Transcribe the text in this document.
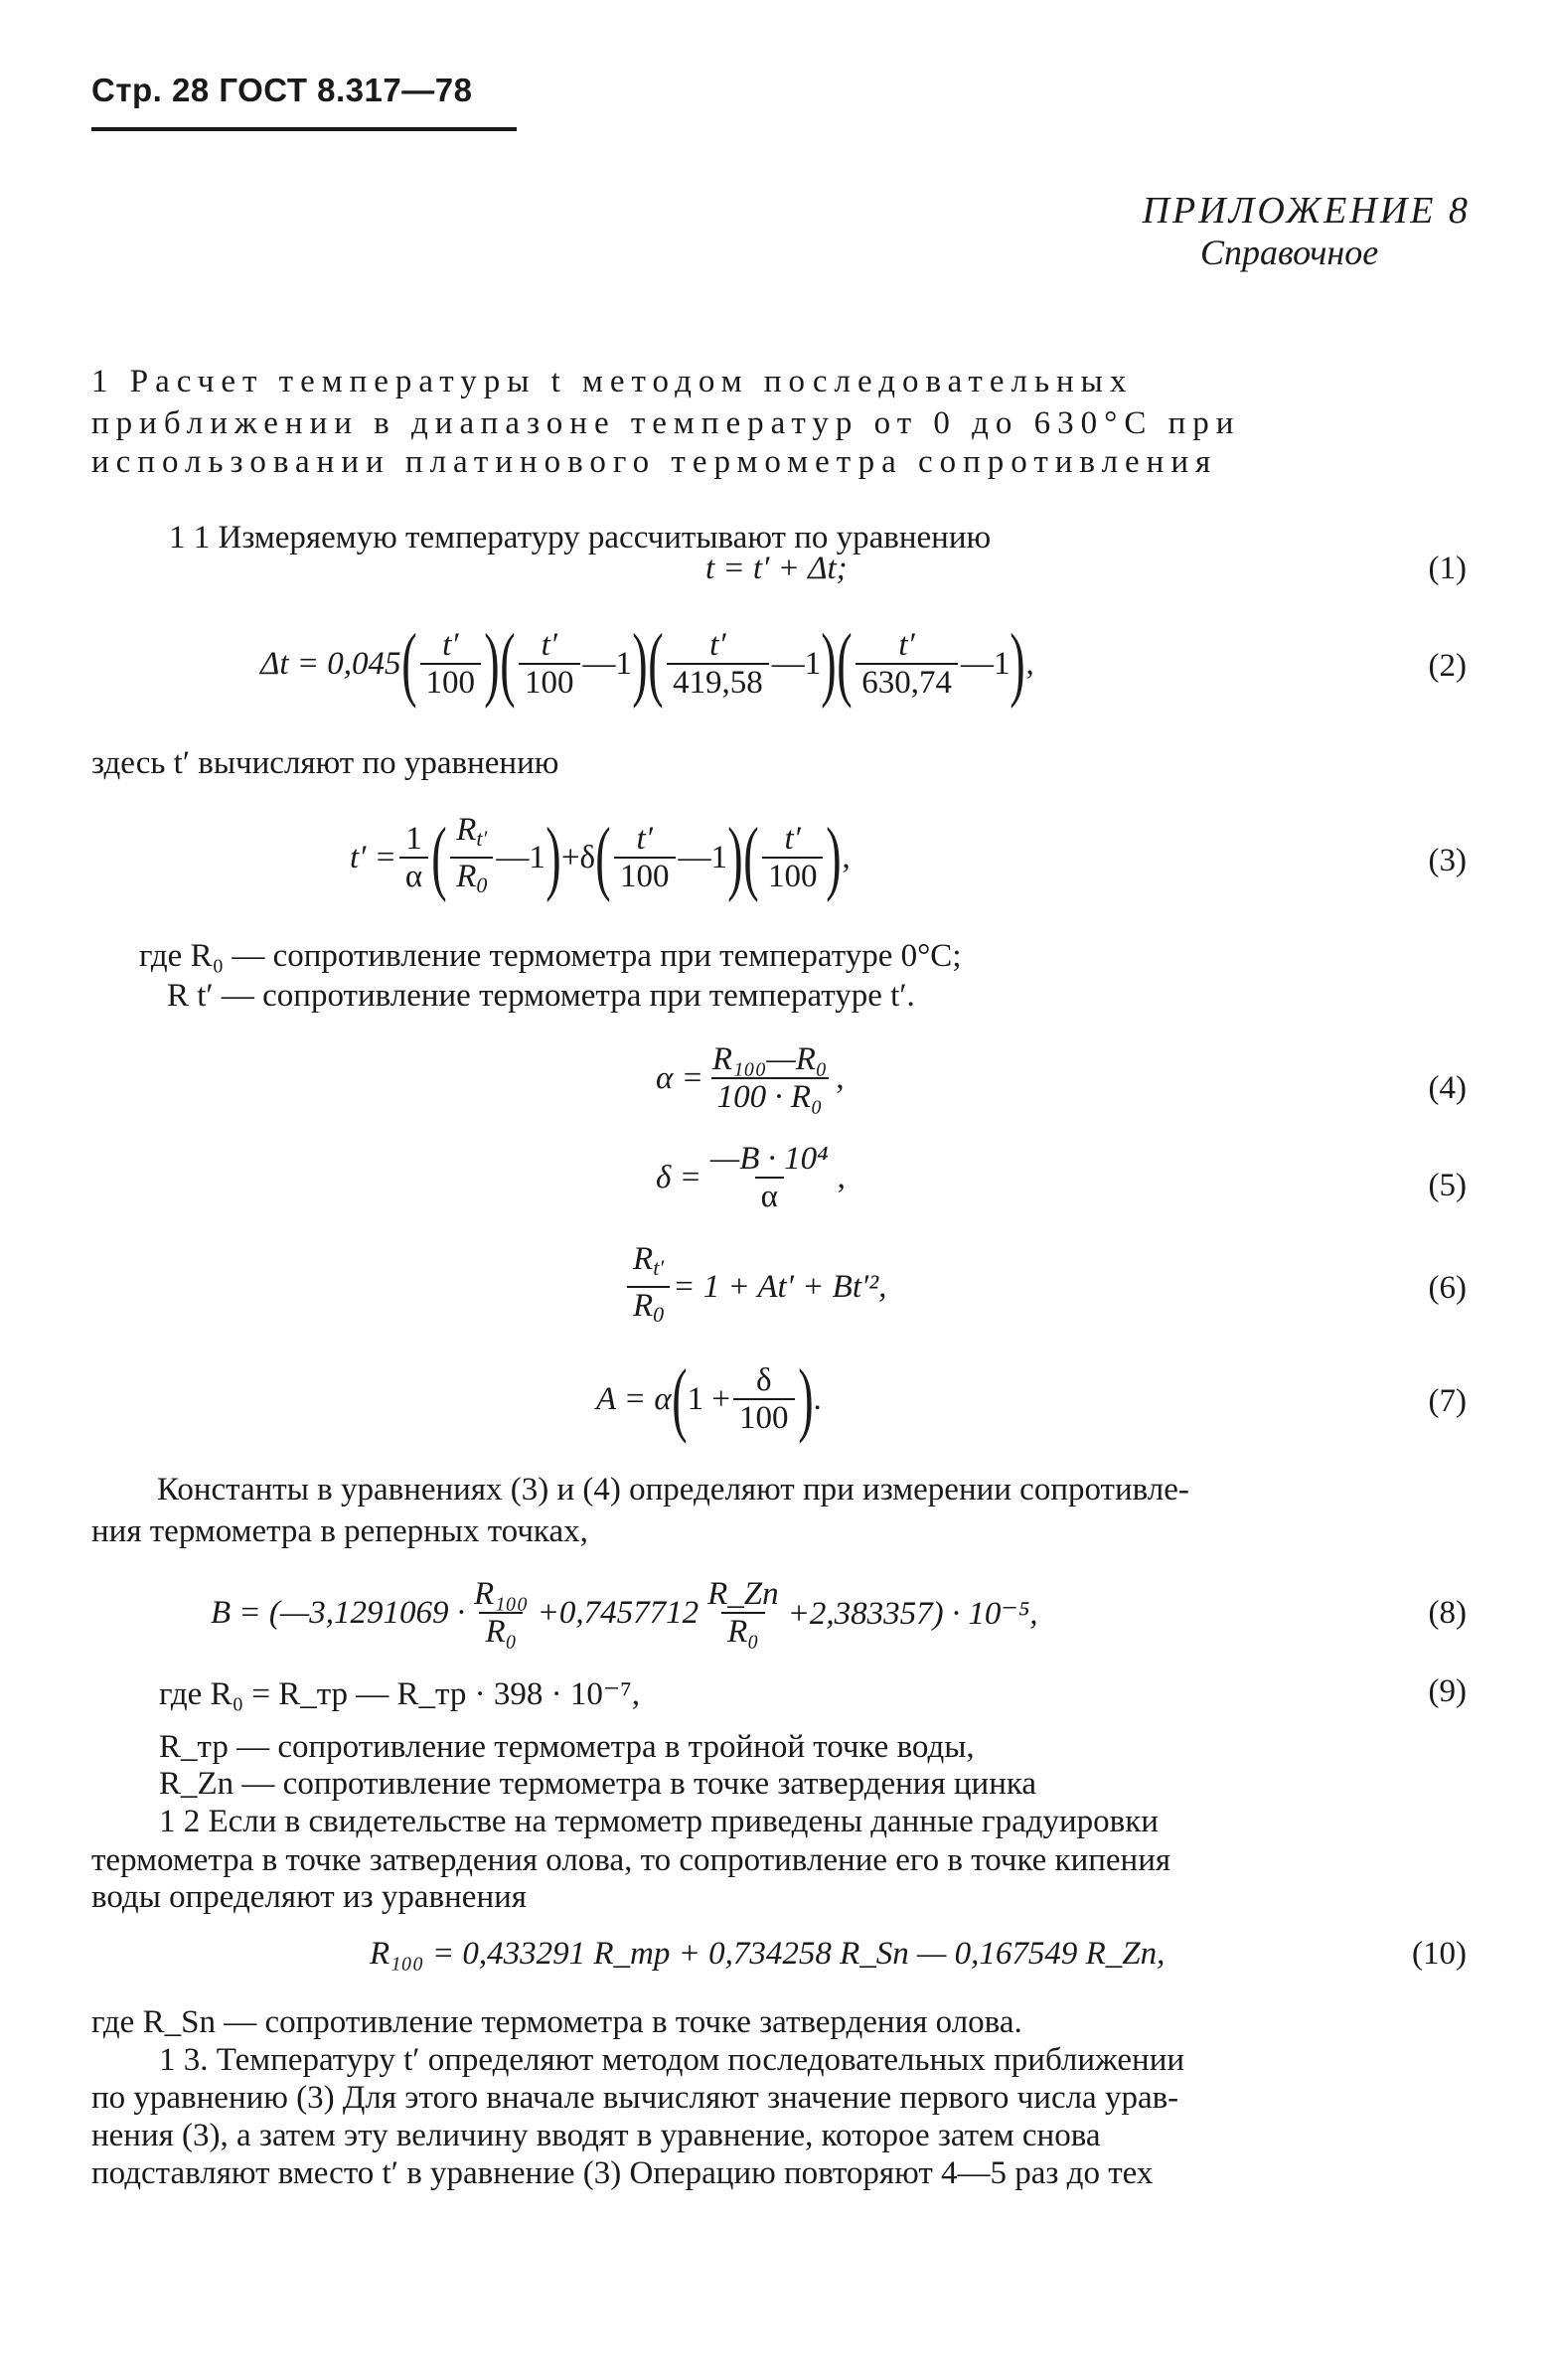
Стр. 28 ГОСТ 8.317—78
ПРИЛОЖЕНИЕ 8
Справочное
1 Расчет температуры t методом последовательных
приближении в диапазоне температур от 0 до 630°С при
использовании платинового термометра сопротивления
1 1 Измеряемую температуру рассчитывают по уравнению
t = t′ + Δt;	(1)
Δt = 0,045 ( $\frac{t'}{100}$ ) ( $\frac{t'}{100}$ —1 ) ( $\frac{t'}{419,58}$ —1 ) ( $\frac{t'}{630,74}$ —1 ) ,	(2)
здесь t′ вычисляют по уравнению
$t' = \frac{1}{\alpha}$ ( $\frac{R_{t'}}{R_0}$ —1 ) +δ ( $\frac{t'}{100}$ —1 ) ( $\frac{t'}{100}$ ) ,	(3)
где R₀ — сопротивление термометра при температуре 0°С;
R t′ — сопротивление термометра при температуре t′.
$\alpha = \frac{\text{R₁₀₀—R₀}}{\text{100 · R₀}}$ ,	(4)
$\delta = \frac{\text{—B · 10⁴}}{\alpha}$ ,	(5)
$\frac{R_{t'}}{R_0} = 1 + At' + Bt'^2$,	(6)
A = α ( $1 + \frac{\delta}{100}$ ) .	(7)
Константы в уравнениях (3) и (4) определяют при измерении сопротивле-
ния термометра в реперных точках,
B = (—3,1291069 · $\frac{\text{R₁₀₀}}{\text{R₀}} +0,7457712 \frac{R\_Zn}{\text{R₀}} +2,383357) \cdot 10^{-5}$,	(8)
где R₀ = R_тр — R_тр · 398 · 10⁻⁷,	(9)
R_тр — сопротивление термометра в тройной точке воды,
R_Zn — сопротивление термометра в точке затвердения цинка
1 2 Если в свидетельстве на термометр приведены данные градуировки
термометра в точке затвердения олова, то сопротивление его в точке кипения
воды определяют из уравнения
R₁₀₀ = 0,433291 R_тр + 0,734258 R_Sn — 0,167549 R_Zn,	(10)
где R_Sn — сопротивление термометра в точке затвердения олова.
1 3. Температуру t′ определяют методом последовательных приближении
по уравнению (3) Для этого вначале вычисляют значение первого числа урав-
нения (3), а затем эту величину вводят в уравнение, которое затем снова
подставляют вместо t′ в уравнение (3) Операцию повторяют 4—5 раз до тех
